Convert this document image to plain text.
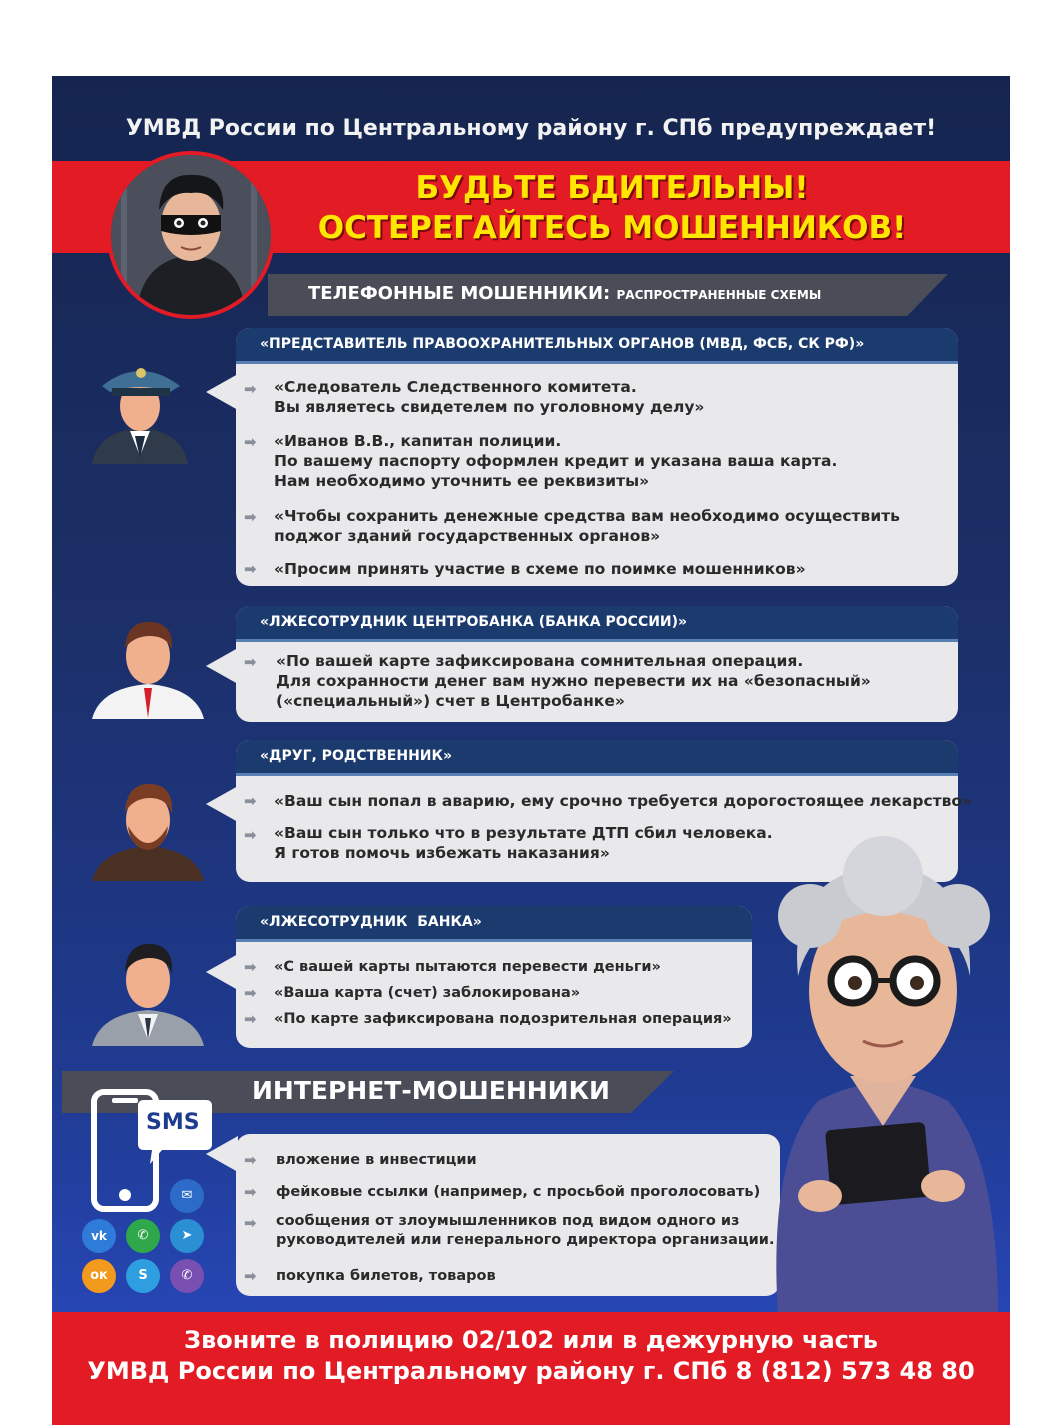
УМВД России по Центральному району г. СПб предупреждает!
БУДЬТЕ БДИТЕЛЬНЫ!
ОСТЕРЕГАЙТЕСЬ МОШЕННИКОВ!
ТЕЛЕФОННЫЕ МОШЕННИКИ: РАСПРОСТРАНЕННЫЕ СХЕМЫ
«ПРЕДСТАВИТЕЛЬ ПРАВООХРАНИТЕЛЬНЫХ ОРГАНОВ (МВД, ФСБ, СК РФ)»
➡ «Следователь Следственного комитета.
Вы являетесь свидетелем по уголовному делу»
➡ «Иванов В.В., капитан полиции.
По вашему паспорту оформлен кредит и указана ваша карта.
Нам необходимо уточнить ее реквизиты»
➡ «Чтобы сохранить денежные средства вам необходимо осуществить
поджог зданий государственных органов»
➡ «Просим принять участие в схеме по поимке мошенников»
«ЛЖЕСОТРУДНИК ЦЕНТРОБАНКА (БАНКА РОССИИ)»
➡ «По вашей карте зафиксирована сомнительная операция.
Для сохранности денег вам нужно перевести их на «безопасный»
(«специальный») счет в Центробанке»
«ДРУГ, РОДСТВЕННИК»
➡ «Ваш сын попал в аварию, ему срочно требуется дорогостоящее лекарство»
➡ «Ваш сын только что в результате ДТП сбил человека.
Я готов помочь избежать наказания»
«ЛЖЕСОТРУДНИК  БАНКА»
➡ «С вашей карты пытаются перевести деньги»
➡ «Ваша карта (счет) заблокирована»
➡ «По карте зафиксирована подозрительная операция»
ИНТЕРНЕТ-МОШЕННИКИ
SMS
✉
vk	✆	➤
ок	S	✆
➡ вложение в инвестиции
➡ фейковые ссылки (например, с просьбой проголосовать)
➡ сообщения от злоумышленников под видом одного из
руководителей или генерального директора организации.
➡ покупка билетов, товаров
Звоните в полицию 02/102 или в дежурную часть
УМВД России по Центральному району г. СПб 8 (812) 573 48 80
